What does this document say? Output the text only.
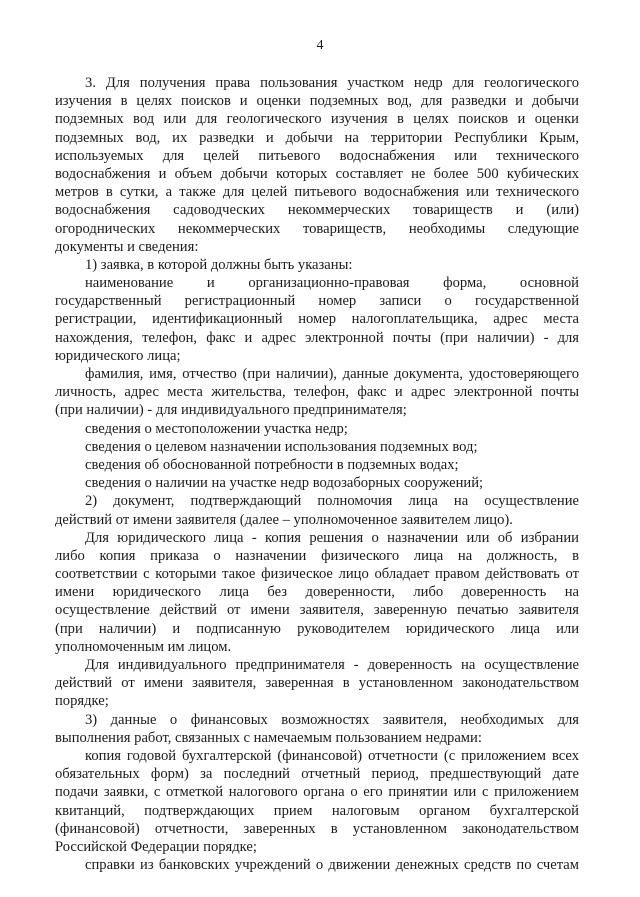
4
3. Для получения права пользования участком недр для геологического
изучения в целях поисков и оценки подземных вод, для разведки и добычи
подземных вод или для геологического изучения в целях поисков и оценки
подземных вод, их разведки и добычи на территории Республики Крым,
используемых для целей питьевого водоснабжения или технического
водоснабжения и объем добычи которых составляет не более 500 кубических
метров в сутки, а также для целей питьевого водоснабжения или технического
водоснабжения садоводческих некоммерческих товариществ и (или)
огороднических некоммерческих товариществ, необходимы следующие
документы и сведения:
1) заявка, в которой должны быть указаны:
наименование и организационно-правовая форма, основной
государственный регистрационный номер записи о государственной
регистрации, идентификационный номер налогоплательщика, адрес места
нахождения, телефон, факс и адрес электронной почты (при наличии) - для
юридического лица;
фамилия, имя, отчество (при наличии), данные документа, удостоверяющего
личность, адрес места жительства, телефон, факс и адрес электронной почты
(при наличии) - для индивидуального предпринимателя;
сведения о местоположении участка недр;
сведения о целевом назначении использования подземных вод;
сведения об обоснованной потребности в подземных водах;
сведения о наличии на участке недр водозаборных сооружений;
2) документ, подтверждающий полномочия лица на осуществление
действий от имени заявителя (далее – уполномоченное заявителем лицо).
Для юридического лица - копия решения о назначении или об избрании
либо копия приказа о назначении физического лица на должность, в
соответствии с которыми такое физическое лицо обладает правом действовать от
имени юридического лица без доверенности, либо доверенность на
осуществление действий от имени заявителя, заверенную печатью заявителя
(при наличии) и подписанную руководителем юридического лица или
уполномоченным им лицом.
Для индивидуального предпринимателя - доверенность на осуществление
действий от имени заявителя, заверенная в установленном законодательством
порядке;
3) данные о финансовых возможностях заявителя, необходимых для
выполнения работ, связанных с намечаемым пользованием недрами:
копия годовой бухгалтерской (финансовой) отчетности (с приложением всех
обязательных форм) за последний отчетный период, предшествующий дате
подачи заявки, с отметкой налогового органа о его принятии или с приложением
квитанций, подтверждающих прием налоговым органом бухгалтерской
(финансовой) отчетности, заверенных в установленном законодательством
Российской Федерации порядке;
справки из банковских учреждений о движении денежных средств по счетам
